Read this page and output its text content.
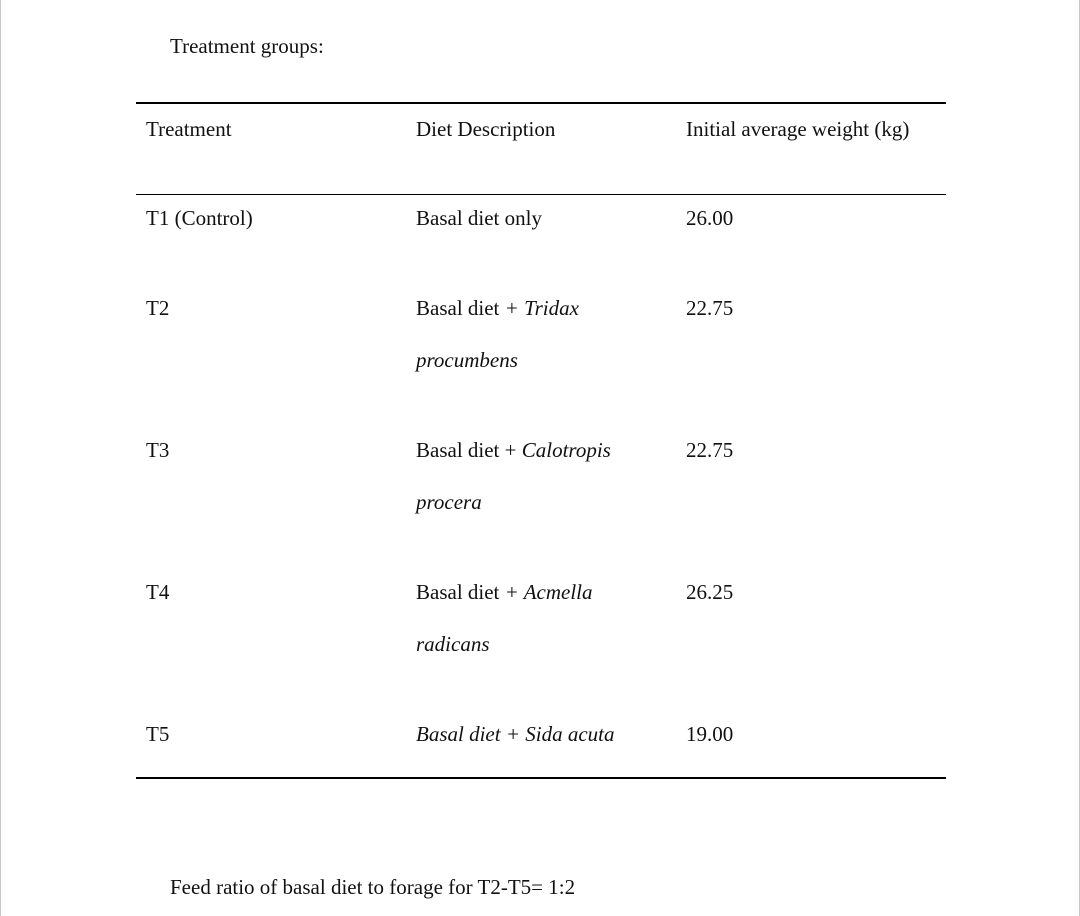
Treatment groups:
Treatment	Diet Description	Initial average weight (kg)

T1 (Control)	Basal diet only	26.00

T2	Basal diet + Tridax procumbens	22.75

T3	Basal diet + Calotropis procera	22.75

T4	Basal diet + Acmella radicans	26.25

T5	Basal diet + Sida acuta	19.00
Feed ratio of basal diet to forage for T2-T5= 1:2
